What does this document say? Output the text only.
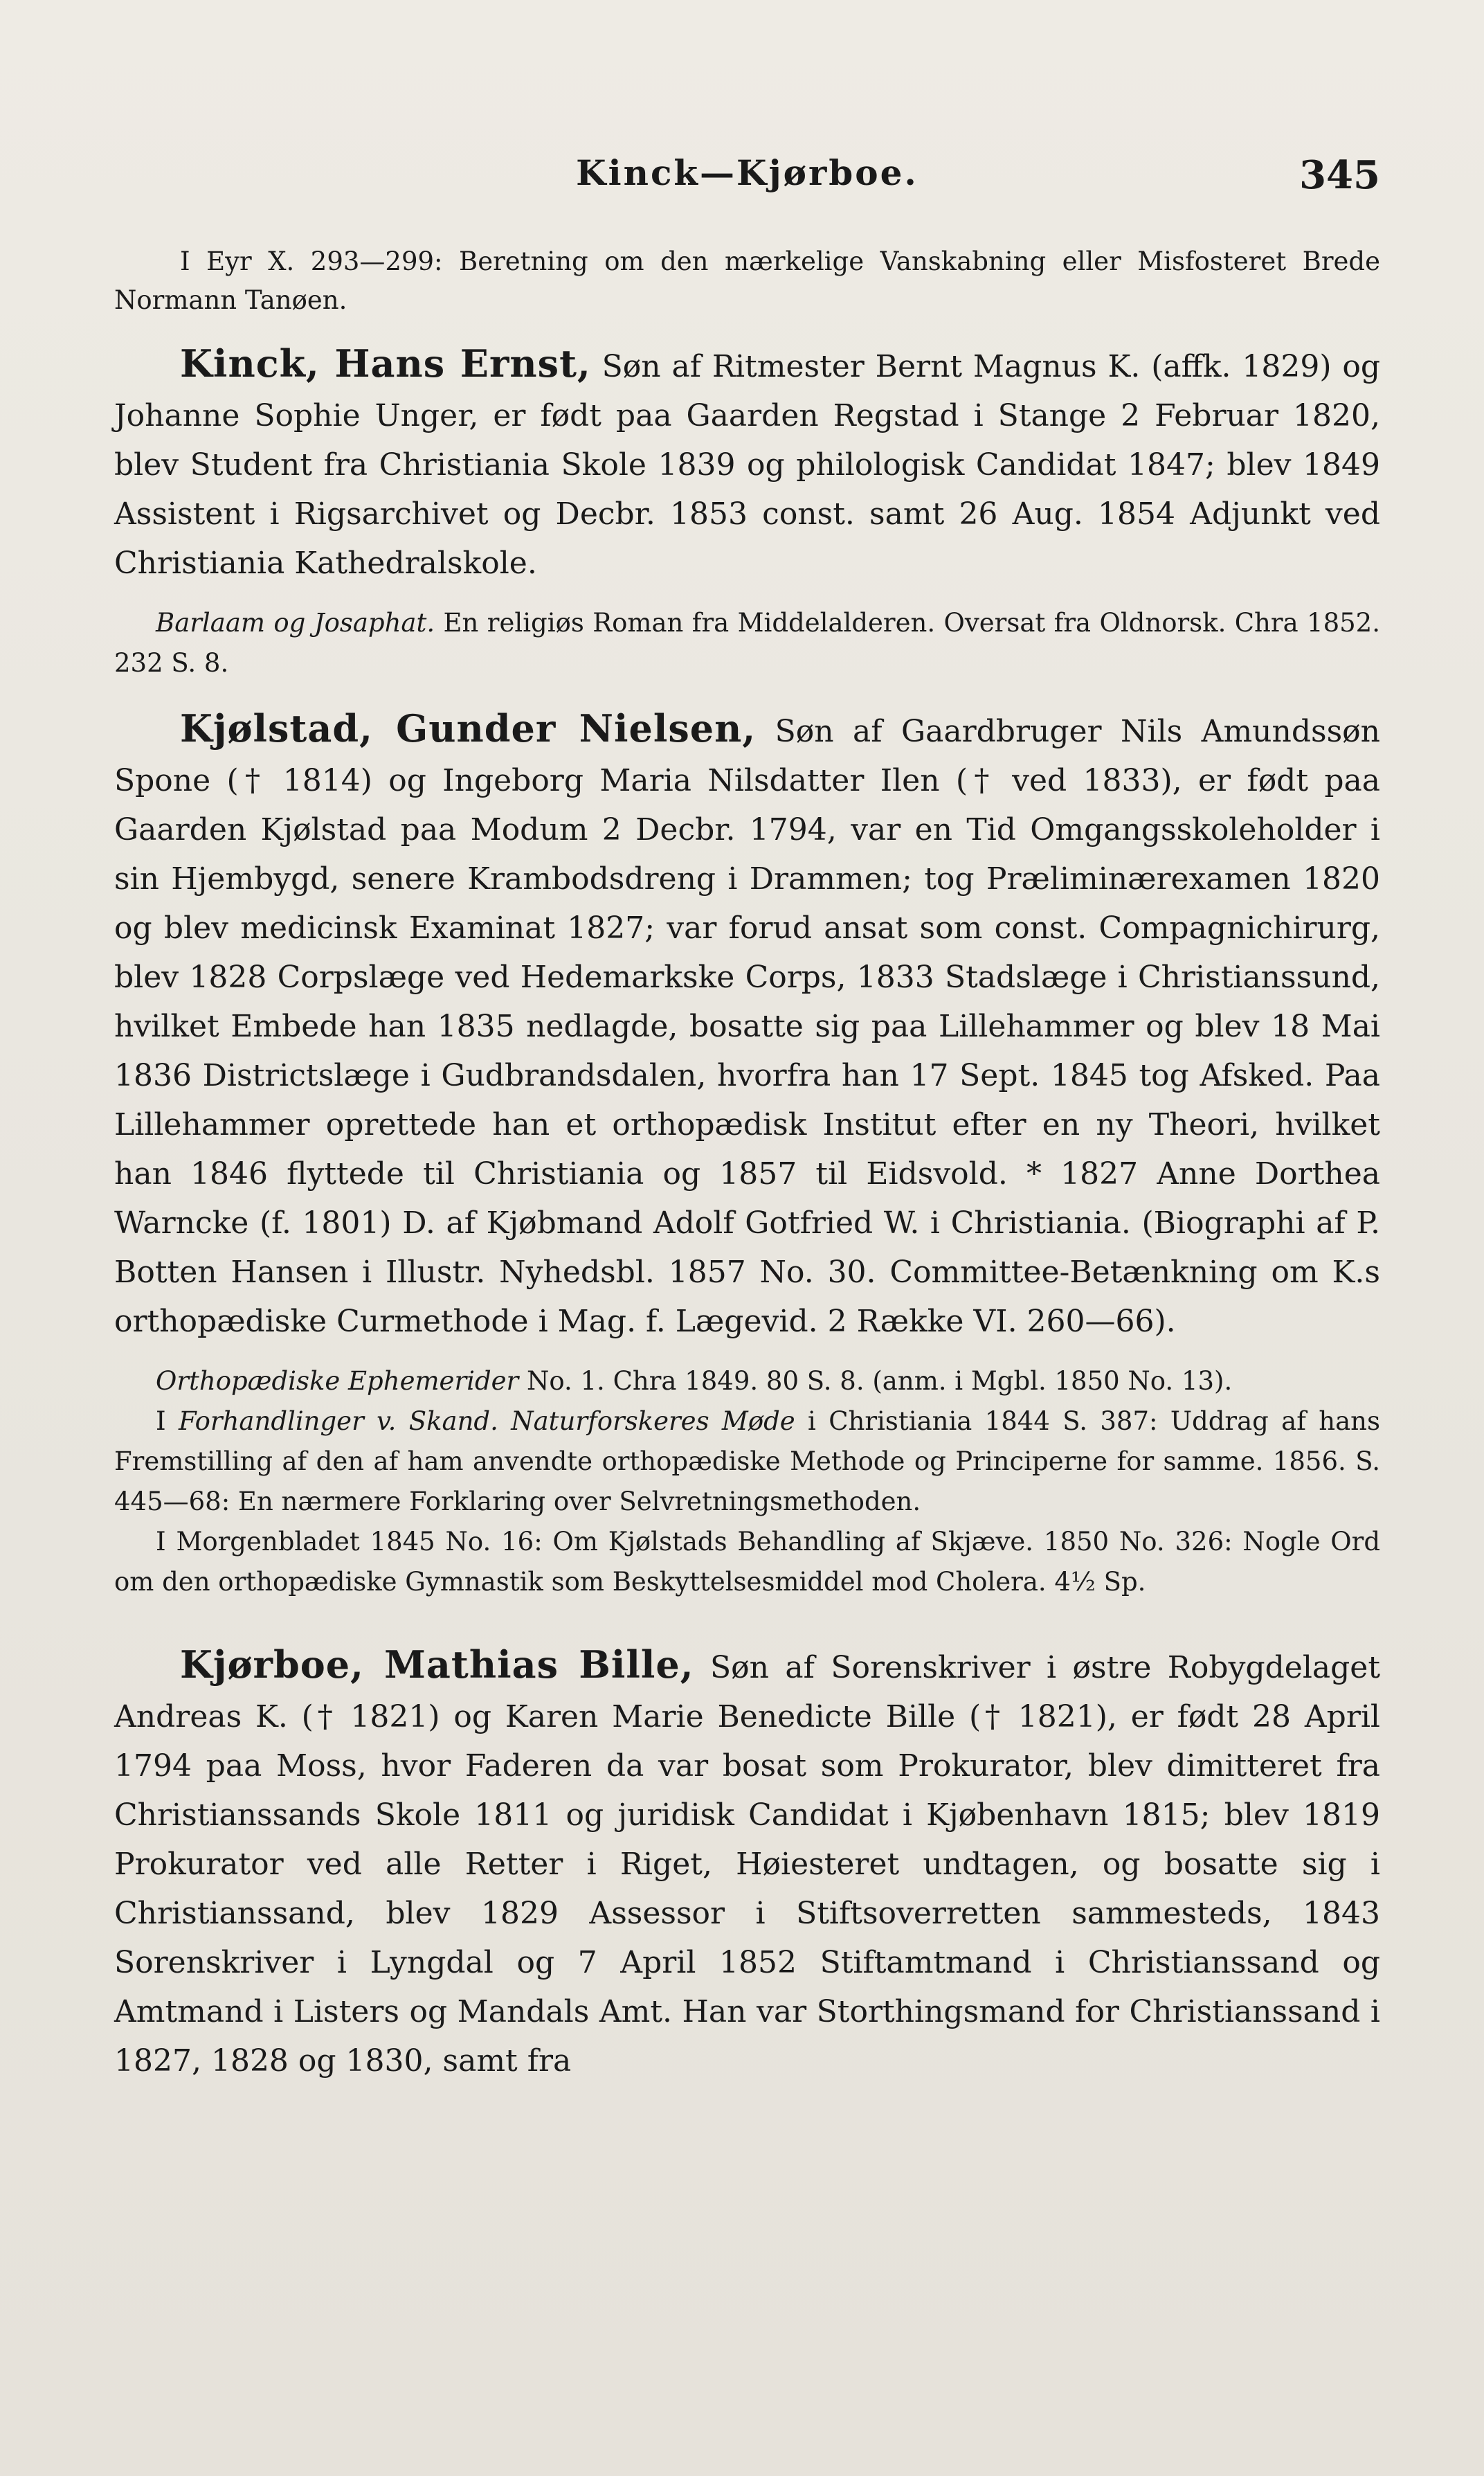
Kinck—Kjørboe.	345

I Eyr X. 293—299: Beretning om den mærkelige Vanskabning eller Misfosteret Brede Normann Tanøen.

Kinck, Hans Ernst, Søn af Ritmester Bernt Magnus K. (affk. 1829) og Johanne Sophie Unger, er født paa Gaarden Regstad i Stange 2 Februar 1820, blev Student fra Christiania Skole 1839 og philologisk Candidat 1847; blev 1849 Assistent i Rigsarchivet og Decbr. 1853 const. samt 26 Aug. 1854 Adjunkt ved Christiania Kathedralskole.

Barlaam og Josaphat. En religiøs Roman fra Middelalderen. Oversat fra Oldnorsk. Chra 1852. 232 S. 8.

Kjølstad, Gunder Nielsen, Søn af Gaardbruger Nils Amundssøn Spone († 1814) og Ingeborg Maria Nilsdatter Ilen († ved 1833), er født paa Gaarden Kjølstad paa Modum 2 Decbr. 1794, var en Tid Omgangsskoleholder i sin Hjembygd, senere Krambodsdreng i Drammen; tog Præliminærexamen 1820 og blev medicinsk Examinat 1827; var forud ansat som const. Compagnichirurg, blev 1828 Corpslæge ved Hedemarkske Corps, 1833 Stadslæge i Christianssund, hvilket Embede han 1835 nedlagde, bosatte sig paa Lillehammer og blev 18 Mai 1836 Districtslæge i Gudbrandsdalen, hvorfra han 17 Sept. 1845 tog Afsked. Paa Lillehammer oprettede han et orthopædisk Institut efter en ny Theori, hvilket han 1846 flyttede til Christiania og 1857 til Eidsvold. * 1827 Anne Dorthea Warncke (f. 1801) D. af Kjøbmand Adolf Gotfried W. i Christiania. (Biographi af P. Botten Hansen i Illustr. Nyhedsbl. 1857 No. 30. Committee-Betænkning om K.s orthopædiske Curmethode i Mag. f. Lægevid. 2 Række VI. 260—66).

Orthopædiske Ephemerider No. 1. Chra 1849. 80 S. 8. (anm. i Mgbl. 1850 No. 13).

I Forhandlinger v. Skand. Naturforskeres Møde i Christiania 1844 S. 387: Uddrag af hans Fremstilling af den af ham anvendte orthopædiske Methode og Principerne for samme. 1856. S. 445—68: En nærmere Forklaring over Selvretningsmethoden.

I Morgenbladet 1845 No. 16: Om Kjølstads Behandling af Skjæve. 1850 No. 326: Nogle Ord om den orthopædiske Gymnastik som Beskyttelsesmiddel mod Cholera. 4½ Sp.

Kjørboe, Mathias Bille, Søn af Sorenskriver i østre Robygdelaget Andreas K. († 1821) og Karen Marie Benedicte Bille († 1821), er født 28 April 1794 paa Moss, hvor Faderen da var bosat som Prokurator, blev dimitteret fra Christianssands Skole 1811 og juridisk Candidat i Kjøbenhavn 1815; blev 1819 Prokurator ved alle Retter i Riget, Høiesteret undtagen, og bosatte sig i Christianssand, blev 1829 Assessor i Stiftsoverretten sammesteds, 1843 Sorenskriver i Lyngdal og 7 April 1852 Stiftamtmand i Christianssand og Amtmand i Listers og Mandals Amt. Han var Storthingsmand for Christianssand i 1827, 1828 og 1830, samt fra
